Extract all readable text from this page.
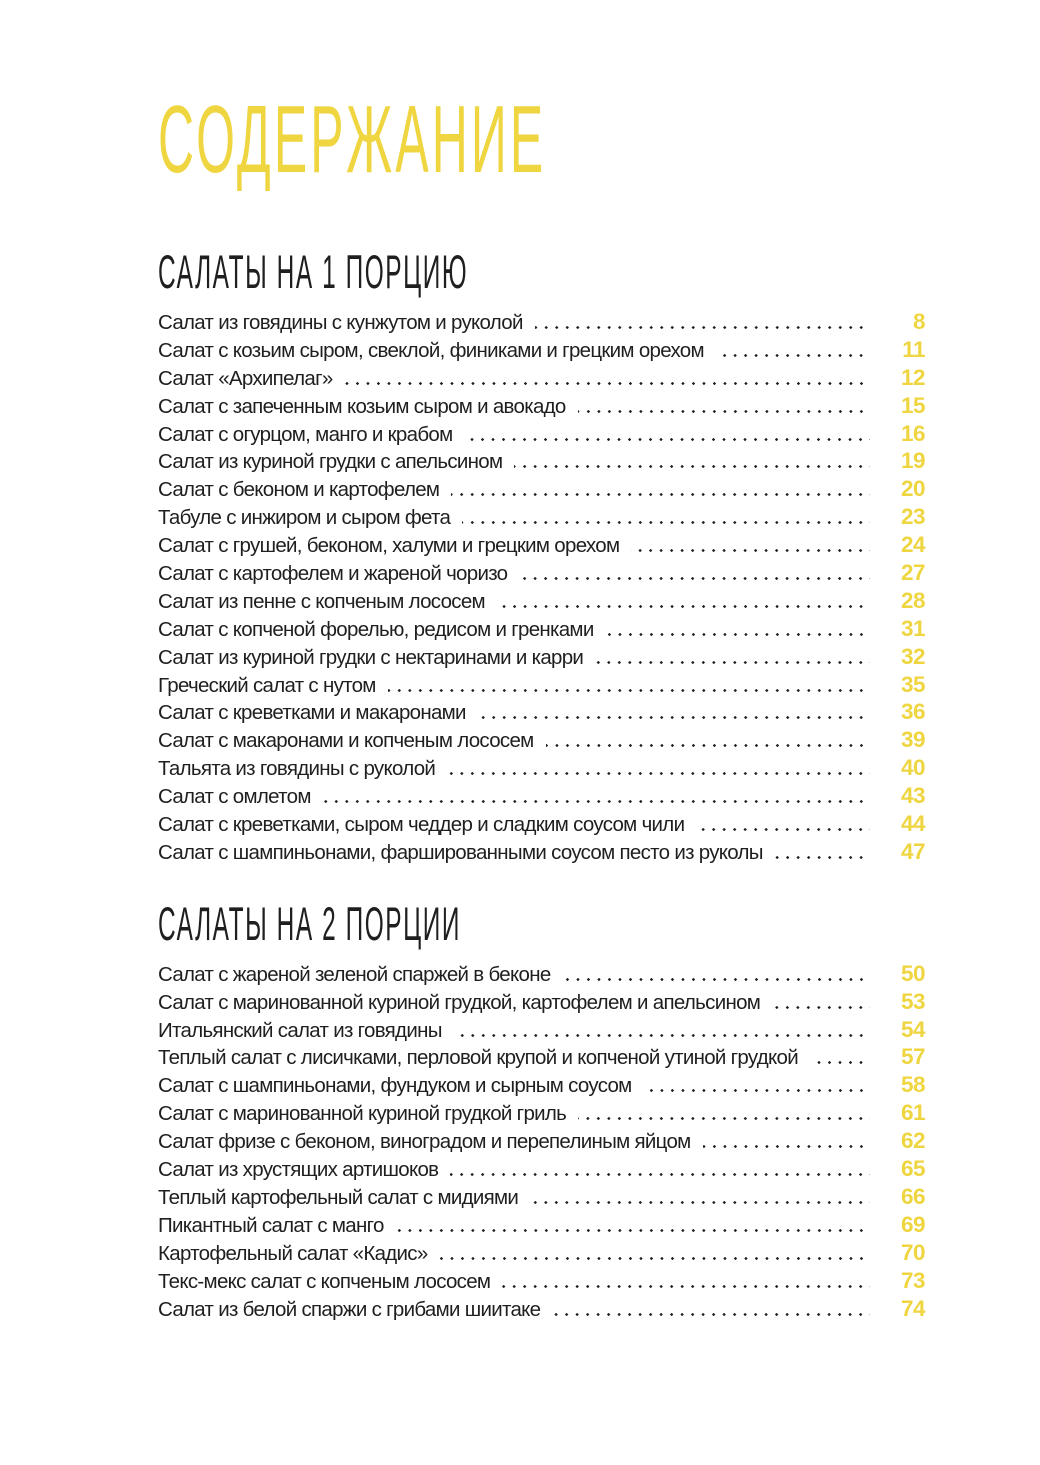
СОДЕРЖАНИЕ
САЛАТЫ НА 1 ПОРЦИЮ
Салат из говядины с кунжутом и руколой	8
Салат с козьим сыром, свеклой, финиками и грецким орехом	11
Салат «Архипелаг»	12
Салат с запеченным козьим сыром и авокадо	15
Салат с огурцом, манго и крабом	16
Салат из куриной грудки с апельсином	19
Салат с беконом и картофелем	20
Табуле с инжиром и сыром фета	23
Салат с грушей, беконом, халуми и грецким орехом	24
Салат с картофелем и жареной чоризо	27
Салат из пенне с копченым лососем	28
Салат с копченой форелью, редисом и гренками	31
Салат из куриной грудки с нектаринами и карри	32
Греческий салат с нутом	35
Салат с креветками и макаронами	36
Салат с макаронами и копченым лососем	39
Тальята из говядины с руколой	40
Салат с омлетом	43
Салат с креветками, сыром чеддер и сладким соусом чили	44
Салат с шампиньонами, фаршированными соусом песто из руколы	47
САЛАТЫ НА 2 ПОРЦИИ
Салат с жареной зеленой спаржей в беконе	50
Салат с маринованной куриной грудкой, картофелем и апельсином	53
Итальянский салат из говядины	54
Теплый салат с лисичками, перловой крупой и копченой утиной грудкой	57
Салат с шампиньонами, фундуком и сырным соусом	58
Салат с маринованной куриной грудкой гриль	61
Салат фризе с беконом, виноградом и перепелиным яйцом	62
Салат из хрустящих артишоков	65
Теплый картофельный салат с мидиями	66
Пикантный салат с манго	69
Картофельный салат «Кадис»	70
Текс-мекс салат с копченым лососем	73
Салат из белой спаржи с грибами шиитаке	74
